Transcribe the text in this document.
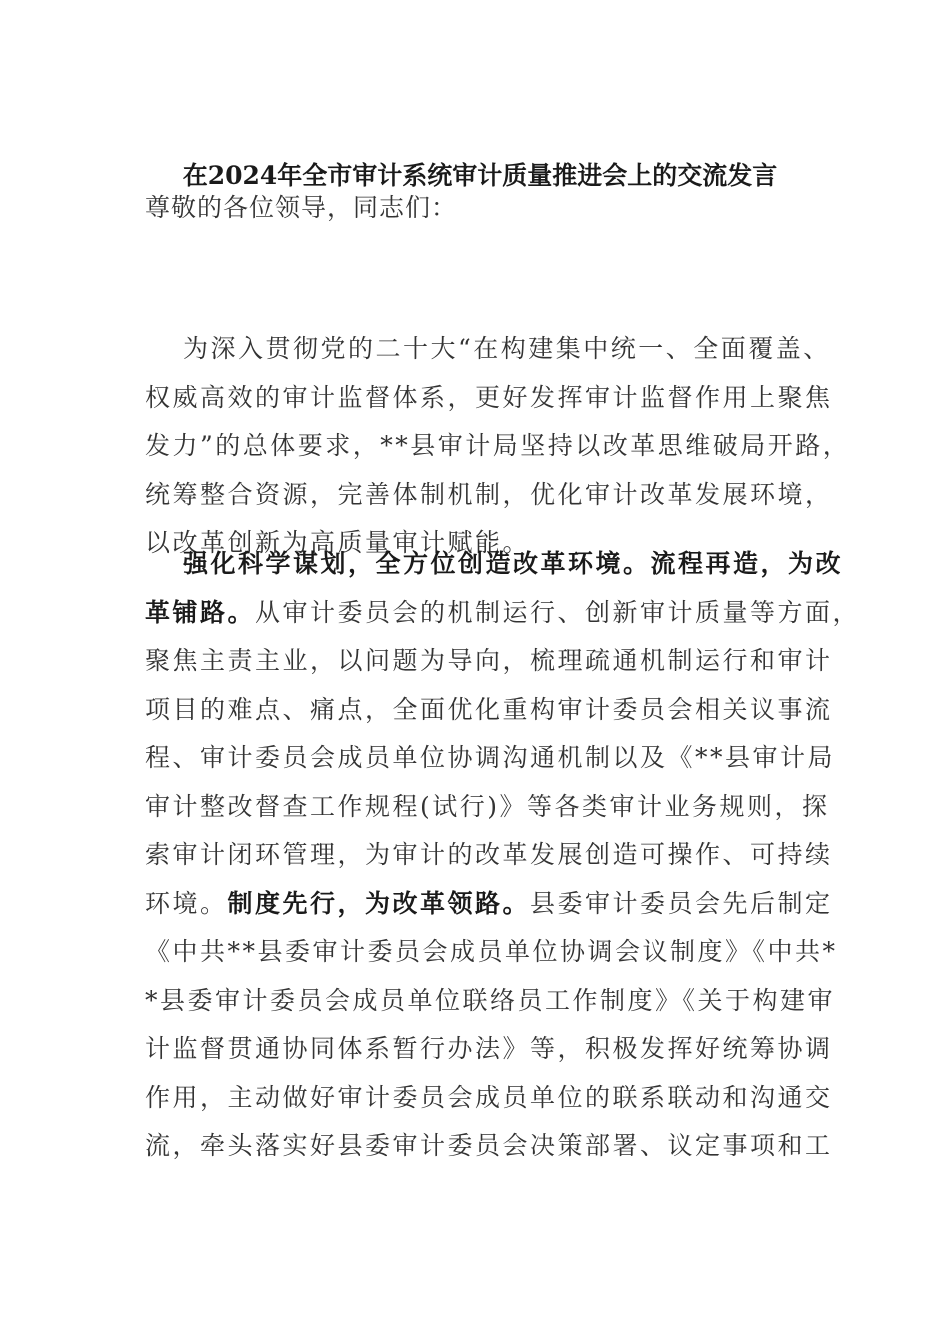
在2024年全市审计系统审计质量推进会上的交流发言
尊敬的各位领导，同志们：
为深入贯彻党的二十大“在构建集中统一、全面覆盖、
权威高效的审计监督体系，更好发挥审计监督作用上聚焦
发力”的总体要求，**县审计局坚持以改革思维破局开路，
统筹整合资源，完善体制机制，优化审计改革发展环境，
以改革创新为高质量审计赋能。
强化科学谋划，全方位创造改革环境。流程再造，为改
革铺路。从审计委员会的机制运行、创新审计质量等方面，
聚焦主责主业，以问题为导向，梳理疏通机制运行和审计
项目的难点、痛点，全面优化重构审计委员会相关议事流
程、审计委员会成员单位协调沟通机制以及《**县审计局
审计整改督查工作规程(试行)》等各类审计业务规则，探
索审计闭环管理，为审计的改革发展创造可操作、可持续
环境。制度先行，为改革领路。县委审计委员会先后制定
《中共**县委审计委员会成员单位协调会议制度》《中共*
*县委审计委员会成员单位联络员工作制度》《关于构建审
计监督贯通协同体系暂行办法》等，积极发挥好统筹协调
作用，主动做好审计委员会成员单位的联系联动和沟通交
流，牵头落实好县委审计委员会决策部署、议定事项和工
